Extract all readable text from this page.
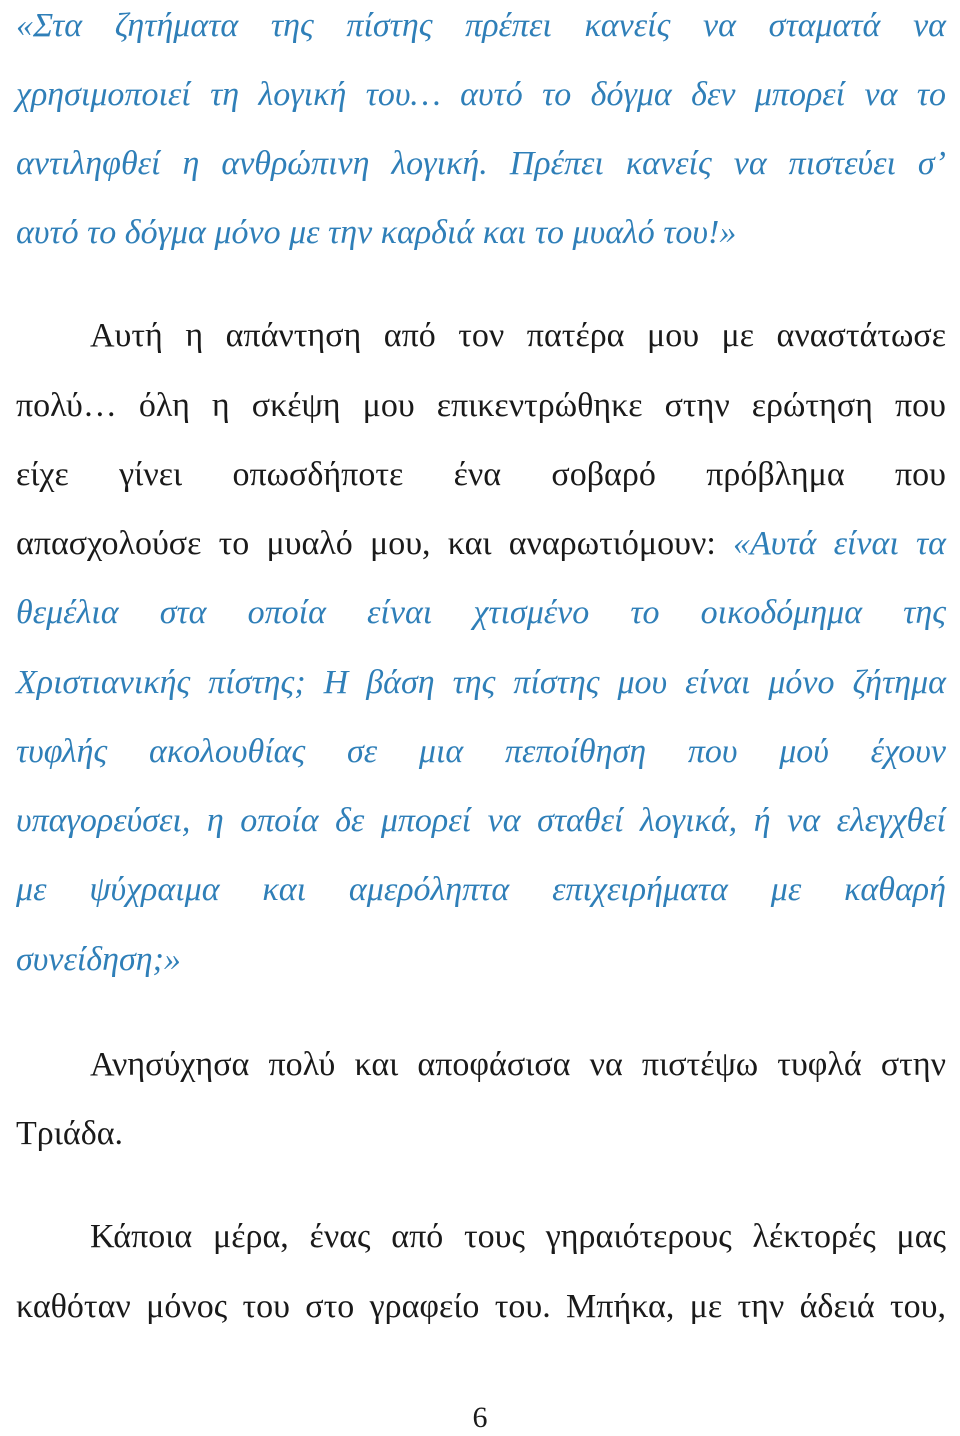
«Στα ζητήματα της πίστης πρέπει κανείς να σταματά να
χρησιμοποιεί τη λογική του… αυτό το δόγμα δεν μπορεί να το
αντιληφθεί η ανθρώπινη λογική. Πρέπει κανείς να πιστεύει σ’
αυτό το δόγμα μόνο με την καρδιά και το μυαλό του!»
Αυτή η απάντηση από τον πατέρα μου με αναστάτωσε
πολύ… όλη η σκέψη μου επικεντρώθηκε στην ερώτηση που
είχε γίνει οπωσδήποτε ένα σοβαρό πρόβλημα που
απασχολούσε το μυαλό μου, και αναρωτιόμουν: «Αυτά είναι τα
θεμέλια στα οποία είναι χτισμένο το οικοδόμημα της
Χριστιανικής πίστης; Η βάση της πίστης μου είναι μόνο ζήτημα
τυφλής ακολουθίας σε μια πεποίθηση που μού έχουν
υπαγορεύσει, η οποία δε μπορεί να σταθεί λογικά, ή να ελεγχθεί
με ψύχραιμα και αμερόληπτα επιχειρήματα με καθαρή
συνείδηση;»
Ανησύχησα πολύ και αποφάσισα να πιστέψω τυφλά στην
Τριάδα.
Κάποια μέρα, ένας από τους γηραιότερους λέκτορές μας
καθόταν μόνος του στο γραφείο του. Μπήκα, με την άδειά του,
6
